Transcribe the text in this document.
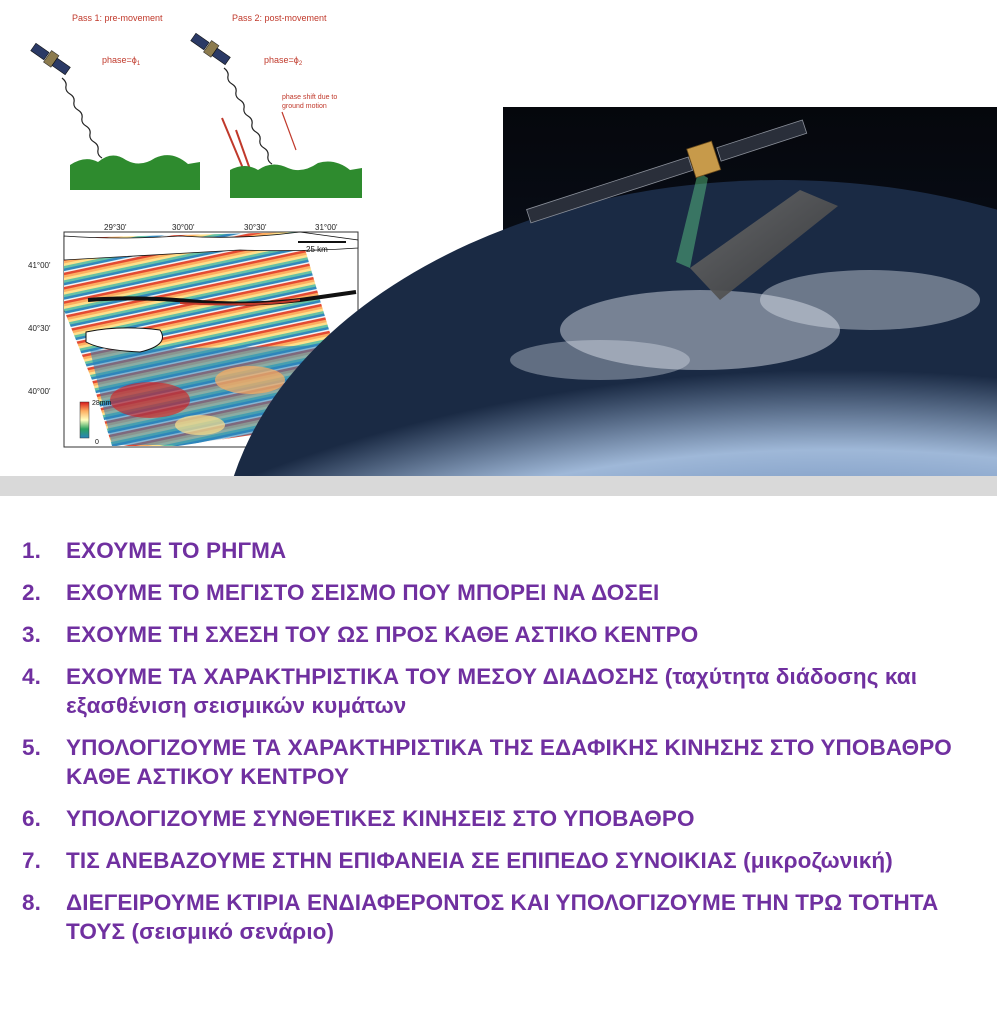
Pass 1: pre-movement
$phase=\phi_1$
Pass 2: post-movement
$phase=\phi_2$
phase shift due to
ground motion
29°30'	30°00'	30°30'	31°00'
41°00'
40°30'
40°00'
25 km
28mm
0
1.	ΕΧΟΥΜΕ ΤΟ ΡΗΓΜΑ
2.	ΕΧΟΥΜΕ ΤΟ ΜΕΓΙΣΤΟ ΣΕΙΣΜΟ ΠΟΥ ΜΠΟΡΕΙ ΝΑ ΔΟΣΕΙ
3.	ΕΧΟΥΜΕ ΤΗ ΣΧΕΣΗ ΤΟΥ ΩΣ ΠΡΟΣ ΚΑΘΕ ΑΣΤΙΚΟ ΚΕΝΤΡΟ
4.	ΕΧΟΥΜΕ ΤΑ ΧΑΡΑΚΤΗΡΙΣΤΙΚΑ ΤΟΥ ΜΕΣΟΥ ΔΙΑΔΟΣΗΣ (ταχύτητα διάδοσης και εξασθένιση σεισμικών κυμάτων
5.	ΥΠΟΛΟΓΙΖΟΥΜΕ ΤΑ ΧΑΡΑΚΤΗΡΙΣΤΙΚΑ ΤΗΣ ΕΔΑΦΙΚΗΣ ΚΙΝΗΣΗΣ ΣΤΟ ΥΠΟΒΑΘΡΟ ΚΑΘΕ ΑΣΤΙΚΟΥ ΚΕΝΤΡΟΥ
6.	ΥΠΟΛΟΓΙΖΟΥΜΕ ΣΥΝΘΕΤΙΚΕΣ ΚΙΝΗΣΕΙΣ ΣΤΟ ΥΠΟΒΑΘΡΟ
7.	ΤΙΣ ΑΝΕΒΑΖΟΥΜΕ ΣΤΗΝ ΕΠΙΦΑΝΕΙΑ ΣΕ ΕΠΙΠΕΔΟ ΣΥΝΟΙΚΙΑΣ (μικροζωνική)
8.	ΔΙΕΓΕΙΡΟΥΜΕ ΚΤΙΡΙΑ ΕΝΔΙΑΦΕΡΟΝΤΟΣ ΚΑΙ ΥΠΟΛΟΓΙΖΟΥΜΕ ΤΗΝ ΤΡΩ ΤΟΤΗΤΑ ΤΟΥΣ (σεισμικό σενάριο)
